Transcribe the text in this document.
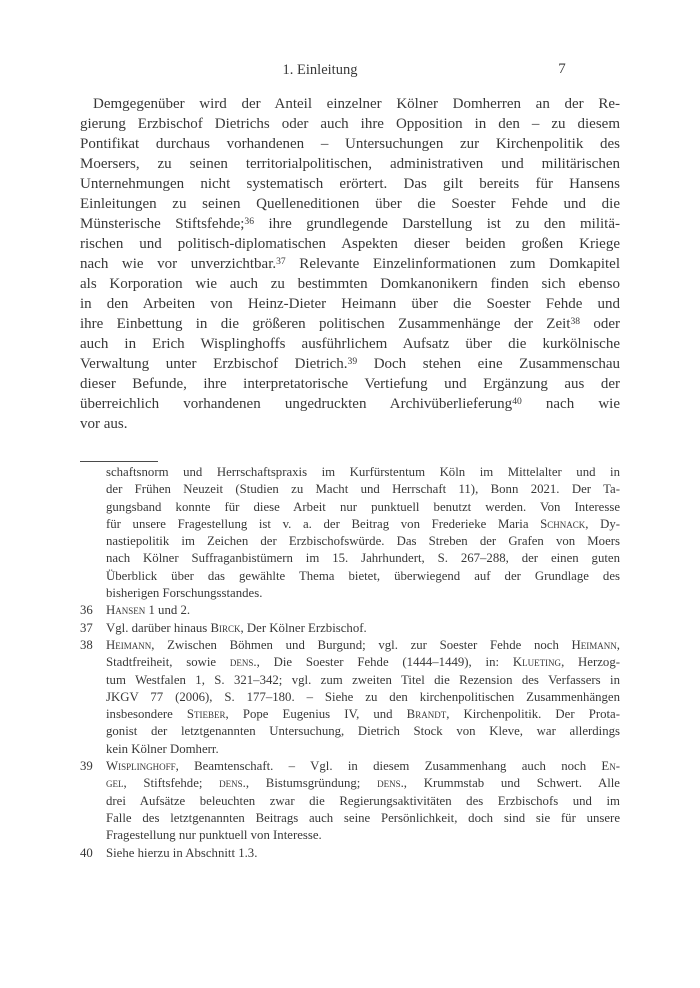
1. Einleitung	7
Demgegenüber wird der Anteil einzelner Kölner Domherren an der Re-
gierung Erzbischof Dietrichs oder auch ihre Opposition in den – zu diesem
Pontifikat durchaus vorhandenen – Untersuchungen zur Kirchenpolitik des
Moersers, zu seinen territorialpolitischen, administrativen und militärischen
Unternehmungen nicht systematisch erörtert. Das gilt bereits für Hansens
Einleitungen zu seinen Quelleneditionen über die Soester Fehde und die
Münsterische Stiftsfehde;$^{36}$ ihre grundlegende Darstellung ist zu den militä-
rischen und politisch-diplomatischen Aspekten dieser beiden großen Kriege
nach wie vor unverzichtbar.$^{37}$ Relevante Einzelinformationen zum Domkapitel
als Korporation wie auch zu bestimmten Domkanonikern finden sich ebenso
in den Arbeiten von Heinz-Dieter Heimann über die Soester Fehde und
ihre Einbettung in die größeren politischen Zusammenhänge der Zeit$^{38}$ oder
auch in Erich Wisplinghoffs ausführlichem Aufsatz über die kurkölnische
Verwaltung unter Erzbischof Dietrich.$^{39}$ Doch stehen eine Zusammenschau
dieser Befunde, ihre interpretatorische Vertiefung und Ergänzung aus der
überreichlich vorhandenen ungedruckten Archivüberlieferung$^{40}$ nach wie
vor aus.
schaftsnorm und Herrschaftspraxis im Kurfürstentum Köln im Mittelalter und in
der Frühen Neuzeit (Studien zu Macht und Herrschaft 11), Bonn 2021. Der Ta-
gungsband konnte für diese Arbeit nur punktuell benutzt werden. Von Interesse
für unsere Fragestellung ist v. a. der Beitrag von Frederieke Maria Schnack, Dy-
nastiepolitik im Zeichen der Erzbischofswürde. Das Streben der Grafen von Moers
nach Kölner Suffraganbistümern im 15. Jahrhundert, S. 267–288, der einen guten
Überblick über das gewählte Thema bietet, überwiegend auf der Grundlage des
bisherigen Forschungsstandes.
36	Hansen 1 und 2.
37	Vgl. darüber hinaus Birck, Der Kölner Erzbischof.
38	Heimann, Zwischen Böhmen und Burgund; vgl. zur Soester Fehde noch Heimann,
Stadtfreiheit, sowie dens., Die Soester Fehde (1444–1449), in: Klueting, Herzog-
tum Westfalen 1, S. 321–342; vgl. zum zweiten Titel die Rezension des Verfassers in
JKGV 77 (2006), S. 177–180. – Siehe zu den kirchenpolitischen Zusammenhängen
insbesondere Stieber, Pope Eugenius IV, und Brandt, Kirchenpolitik. Der Prota-
gonist der letztgenannten Untersuchung, Dietrich Stock von Kleve, war allerdings
kein Kölner Domherr.
39	Wisplinghoff, Beamtenschaft. – Vgl. in diesem Zusammenhang auch noch En-
gel, Stiftsfehde; dens., Bistumsgründung; dens., Krummstab und Schwert. Alle
drei Aufsätze beleuchten zwar die Regierungsaktivitäten des Erzbischofs und im
Falle des letztgenannten Beitrags auch seine Persönlichkeit, doch sind sie für unsere
Fragestellung nur punktuell von Interesse.
40	Siehe hierzu in Abschnitt 1.3.
